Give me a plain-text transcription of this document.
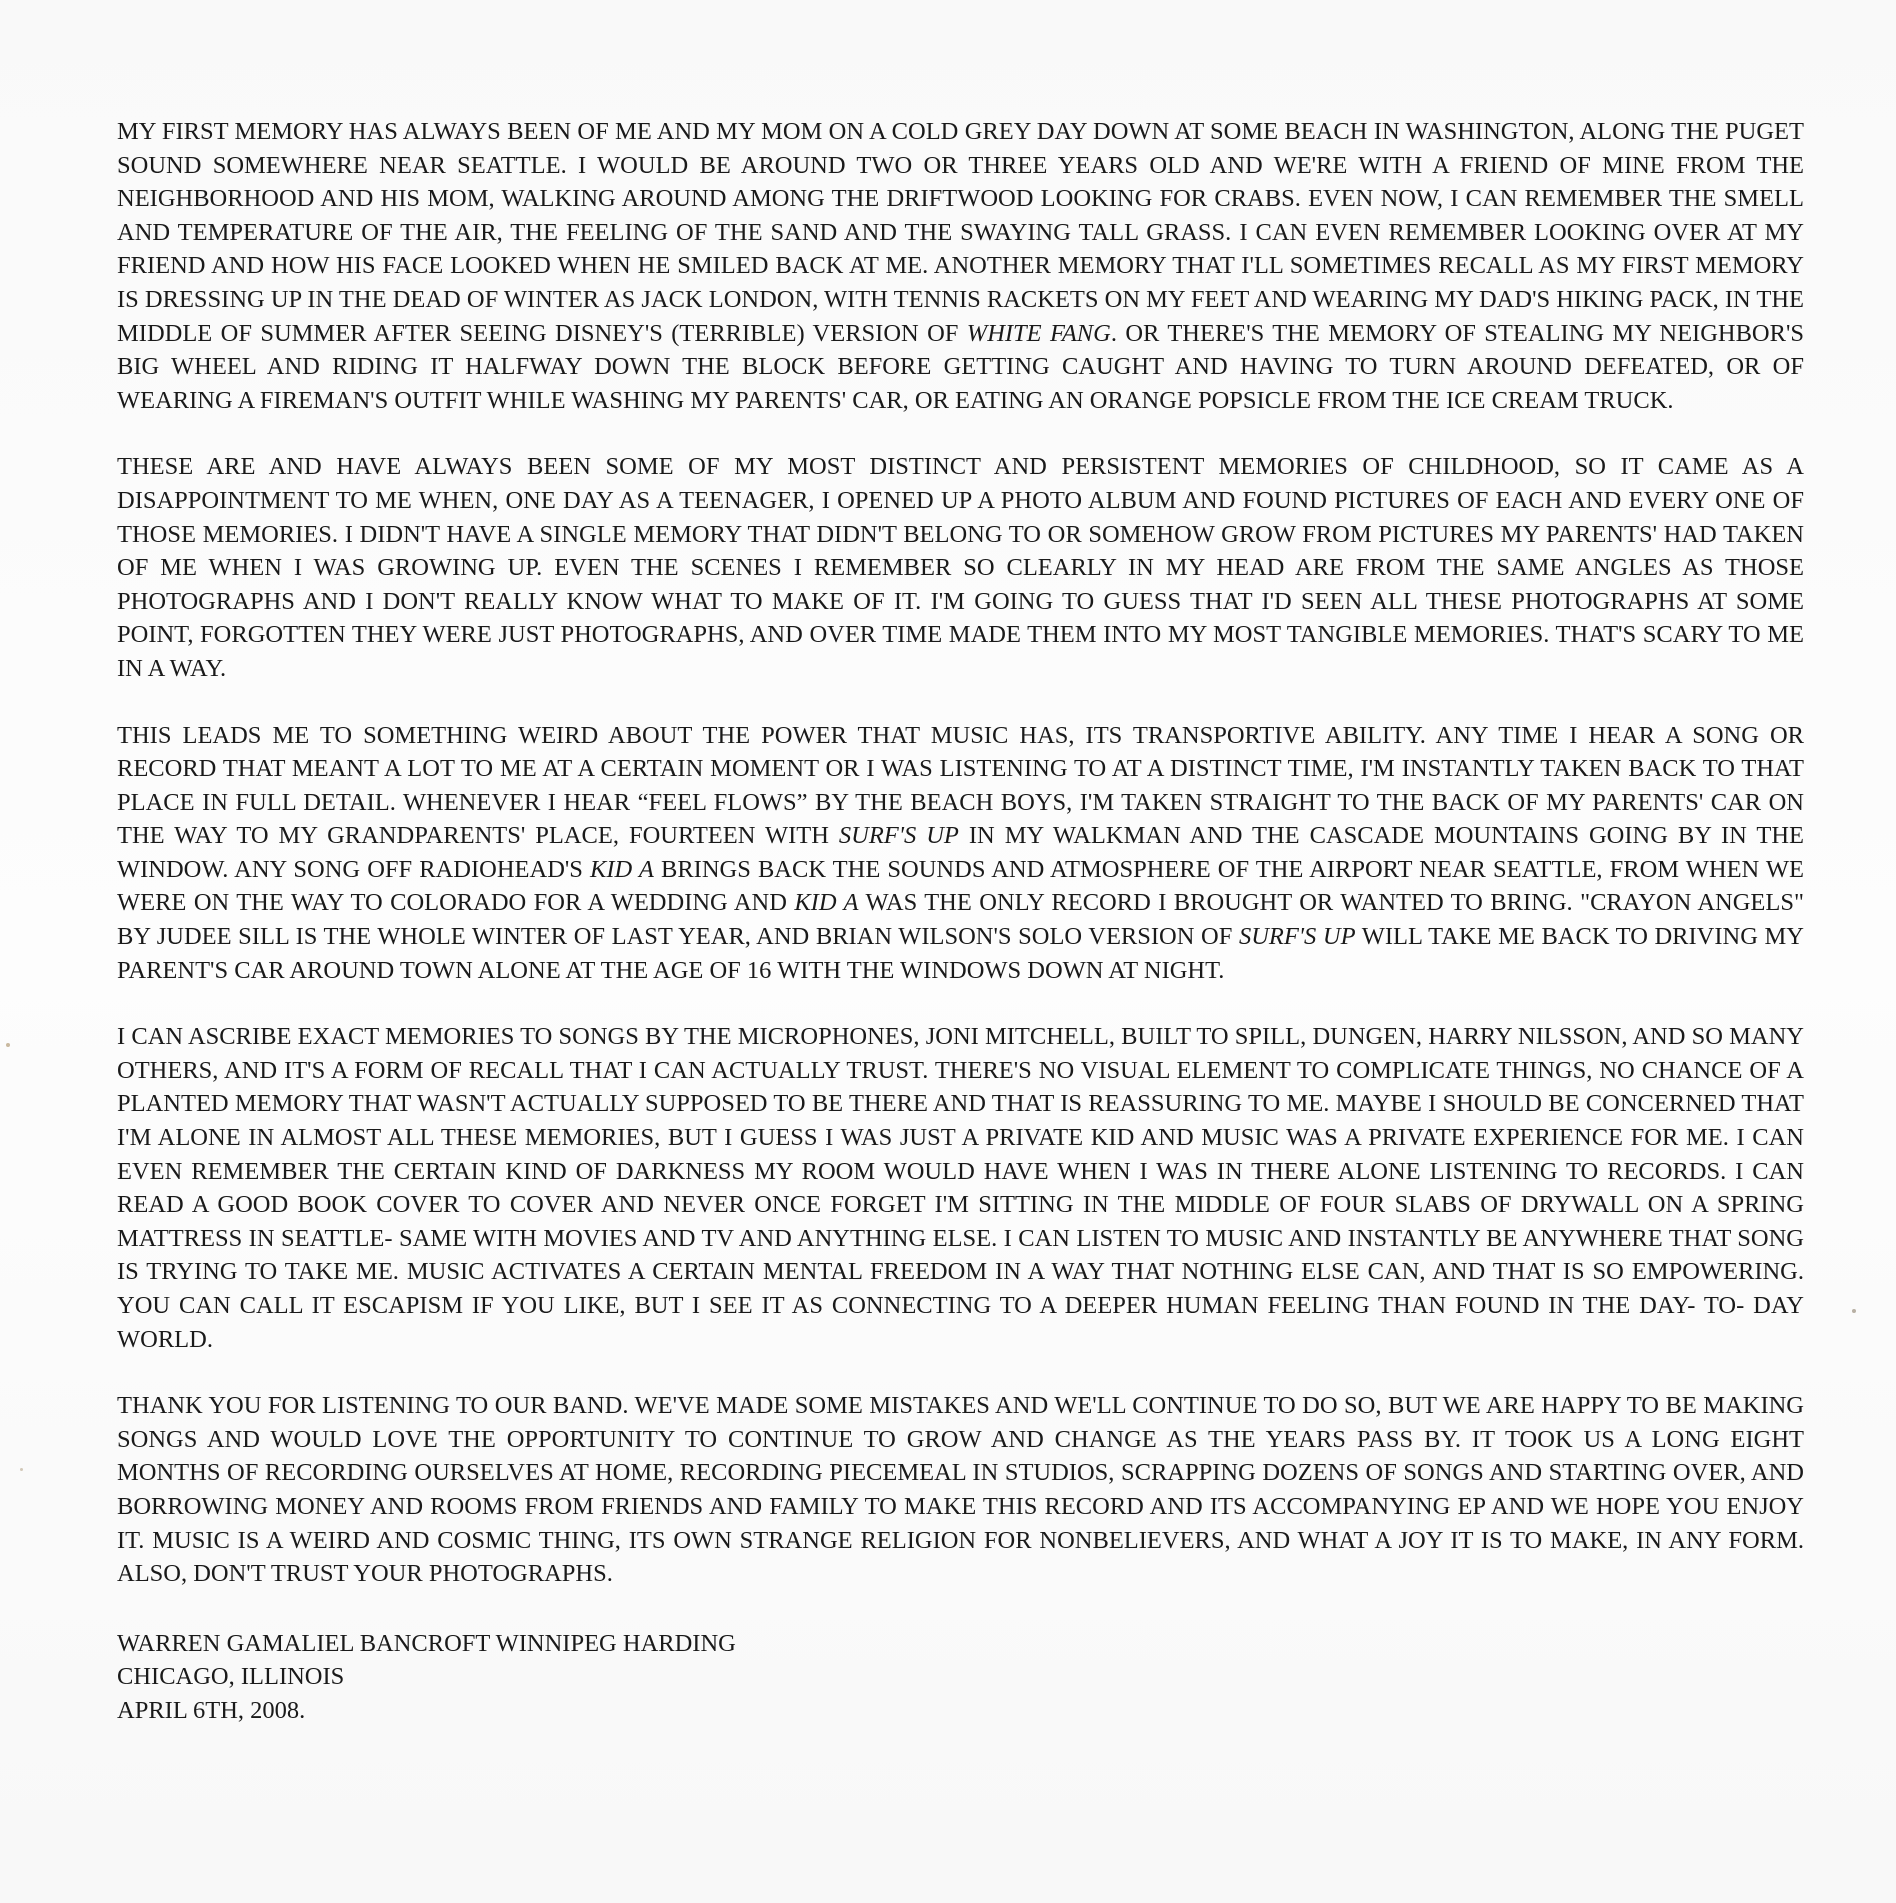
MY FIRST MEMORY HAS ALWAYS BEEN OF ME AND MY MOM ON A COLD GREY DAY DOWN AT SOME BEACH IN WASHINGTON, ALONG THE PUGET SOUND SOMEWHERE NEAR SEATTLE. I WOULD BE AROUND TWO OR THREE YEARS OLD AND WE'RE WITH A FRIEND OF MINE FROM THE NEIGHBORHOOD AND HIS MOM, WALKING AROUND AMONG THE DRIFTWOOD LOOKING FOR CRABS. EVEN NOW, I CAN REMEMBER THE SMELL AND TEMPERATURE OF THE AIR, THE FEELING OF THE SAND AND THE SWAYING TALL GRASS. I CAN EVEN REMEMBER LOOKING OVER AT MY FRIEND AND HOW HIS FACE LOOKED WHEN HE SMILED BACK AT ME. ANOTHER MEMORY THAT I'LL SOMETIMES RECALL AS MY FIRST MEMORY IS DRESSING UP IN THE DEAD OF WINTER AS JACK LONDON, WITH TENNIS RACKETS ON MY FEET AND WEARING MY DAD'S HIKING PACK, IN THE MIDDLE OF SUMMER AFTER SEEING DISNEY'S (TERRIBLE) VERSION OF WHITE FANG. OR THERE'S THE MEMORY OF STEALING MY NEIGHBOR'S BIG WHEEL AND RIDING IT HALFWAY DOWN THE BLOCK BEFORE GETTING CAUGHT AND HAVING TO TURN AROUND DEFEATED, OR OF WEARING A FIREMAN'S OUTFIT WHILE WASHING MY PARENTS' CAR, OR EATING AN ORANGE POPSICLE FROM THE ICE CREAM TRUCK.

THESE ARE AND HAVE ALWAYS BEEN SOME OF MY MOST DISTINCT AND PERSISTENT MEMORIES OF CHILDHOOD, SO IT CAME AS A DISAPPOINTMENT TO ME WHEN, ONE DAY AS A TEENAGER, I OPENED UP A PHOTO ALBUM AND FOUND PICTURES OF EACH AND EVERY ONE OF THOSE MEMORIES. I DIDN'T HAVE A SINGLE MEMORY THAT DIDN'T BELONG TO OR SOMEHOW GROW FROM PICTURES MY PARENTS' HAD TAKEN OF ME WHEN I WAS GROWING UP. EVEN THE SCENES I REMEMBER SO CLEARLY IN MY HEAD ARE FROM THE SAME ANGLES AS THOSE PHOTOGRAPHS AND I DON'T REALLY KNOW WHAT TO MAKE OF IT. I'M GOING TO GUESS THAT I'D SEEN ALL THESE PHOTOGRAPHS AT SOME POINT, FORGOTTEN THEY WERE JUST PHOTOGRAPHS, AND OVER TIME MADE THEM INTO MY MOST TANGIBLE MEMORIES. THAT'S SCARY TO ME IN A WAY.

THIS LEADS ME TO SOMETHING WEIRD ABOUT THE POWER THAT MUSIC HAS, ITS TRANSPORTIVE ABILITY. ANY TIME I HEAR A SONG OR RECORD THAT MEANT A LOT TO ME AT A CERTAIN MOMENT OR I WAS LISTENING TO AT A DISTINCT TIME, I'M INSTANTLY TAKEN BACK TO THAT PLACE IN FULL DETAIL. WHENEVER I HEAR “FEEL FLOWS” BY THE BEACH BOYS, I'M TAKEN STRAIGHT TO THE BACK OF MY PARENTS' CAR ON THE WAY TO MY GRANDPARENTS' PLACE, FOURTEEN WITH SURF'S UP IN MY WALKMAN AND THE CASCADE MOUNTAINS GOING BY IN THE WINDOW. ANY SONG OFF RADIOHEAD'S KID A BRINGS BACK THE SOUNDS AND ATMOSPHERE OF THE AIRPORT NEAR SEATTLE, FROM WHEN WE WERE ON THE WAY TO COLORADO FOR A WEDDING AND KID A WAS THE ONLY RECORD I BROUGHT OR WANTED TO BRING. "CRAYON ANGELS" BY JUDEE SILL IS THE WHOLE WINTER OF LAST YEAR, AND BRIAN WILSON'S SOLO VERSION OF SURF'S UP WILL TAKE ME BACK TO DRIVING MY PARENT'S CAR AROUND TOWN ALONE AT THE AGE OF 16 WITH THE WINDOWS DOWN AT NIGHT.

I CAN ASCRIBE EXACT MEMORIES TO SONGS BY THE MICROPHONES, JONI MITCHELL, BUILT TO SPILL, DUNGEN, HARRY NILSSON, AND SO MANY OTHERS, AND IT'S A FORM OF RECALL THAT I CAN ACTUALLY TRUST. THERE'S NO VISUAL ELEMENT TO COMPLICATE THINGS, NO CHANCE OF A PLANTED MEMORY THAT WASN'T ACTUALLY SUPPOSED TO BE THERE AND THAT IS REASSURING TO ME. MAYBE I SHOULD BE CONCERNED THAT I'M ALONE IN ALMOST ALL THESE MEMORIES, BUT I GUESS I WAS JUST A PRIVATE KID AND MUSIC WAS A PRIVATE EXPERIENCE FOR ME. I CAN EVEN REMEMBER THE CERTAIN KIND OF DARKNESS MY ROOM WOULD HAVE WHEN I WAS IN THERE ALONE LISTENING TO RECORDS. I CAN READ A GOOD BOOK COVER TO COVER AND NEVER ONCE FORGET I'M SITTING IN THE MIDDLE OF FOUR SLABS OF DRYWALL ON A SPRING MATTRESS IN SEATTLE- SAME WITH MOVIES AND TV AND ANYTHING ELSE. I CAN LISTEN TO MUSIC AND INSTANTLY BE ANYWHERE THAT SONG IS TRYING TO TAKE ME. MUSIC ACTIVATES A CERTAIN MENTAL FREEDOM IN A WAY THAT NOTHING ELSE CAN, AND THAT IS SO EMPOWERING. YOU CAN CALL IT ESCAPISM IF YOU LIKE, BUT I SEE IT AS CONNECTING TO A DEEPER HUMAN FEELING THAN FOUND IN THE DAY- TO- DAY WORLD.

THANK YOU FOR LISTENING TO OUR BAND. WE'VE MADE SOME MISTAKES AND WE'LL CONTINUE TO DO SO, BUT WE ARE HAPPY TO BE MAKING SONGS AND WOULD LOVE THE OPPORTUNITY TO CONTINUE TO GROW AND CHANGE AS THE YEARS PASS BY. IT TOOK US A LONG EIGHT MONTHS OF RECORDING OURSELVES AT HOME, RECORDING PIECEMEAL IN STUDIOS, SCRAPPING DOZENS OF SONGS AND STARTING OVER, AND BORROWING MONEY AND ROOMS FROM FRIENDS AND FAMILY TO MAKE THIS RECORD AND ITS ACCOMPANYING EP AND WE HOPE YOU ENJOY IT. MUSIC IS A WEIRD AND COSMIC THING, ITS OWN STRANGE RELIGION FOR NONBELIEVERS, AND WHAT A JOY IT IS TO MAKE, IN ANY FORM. ALSO, DON'T TRUST YOUR PHOTOGRAPHS.

WARREN GAMALIEL BANCROFT WINNIPEG HARDING
CHICAGO, ILLINOIS
APRIL 6TH, 2008.
